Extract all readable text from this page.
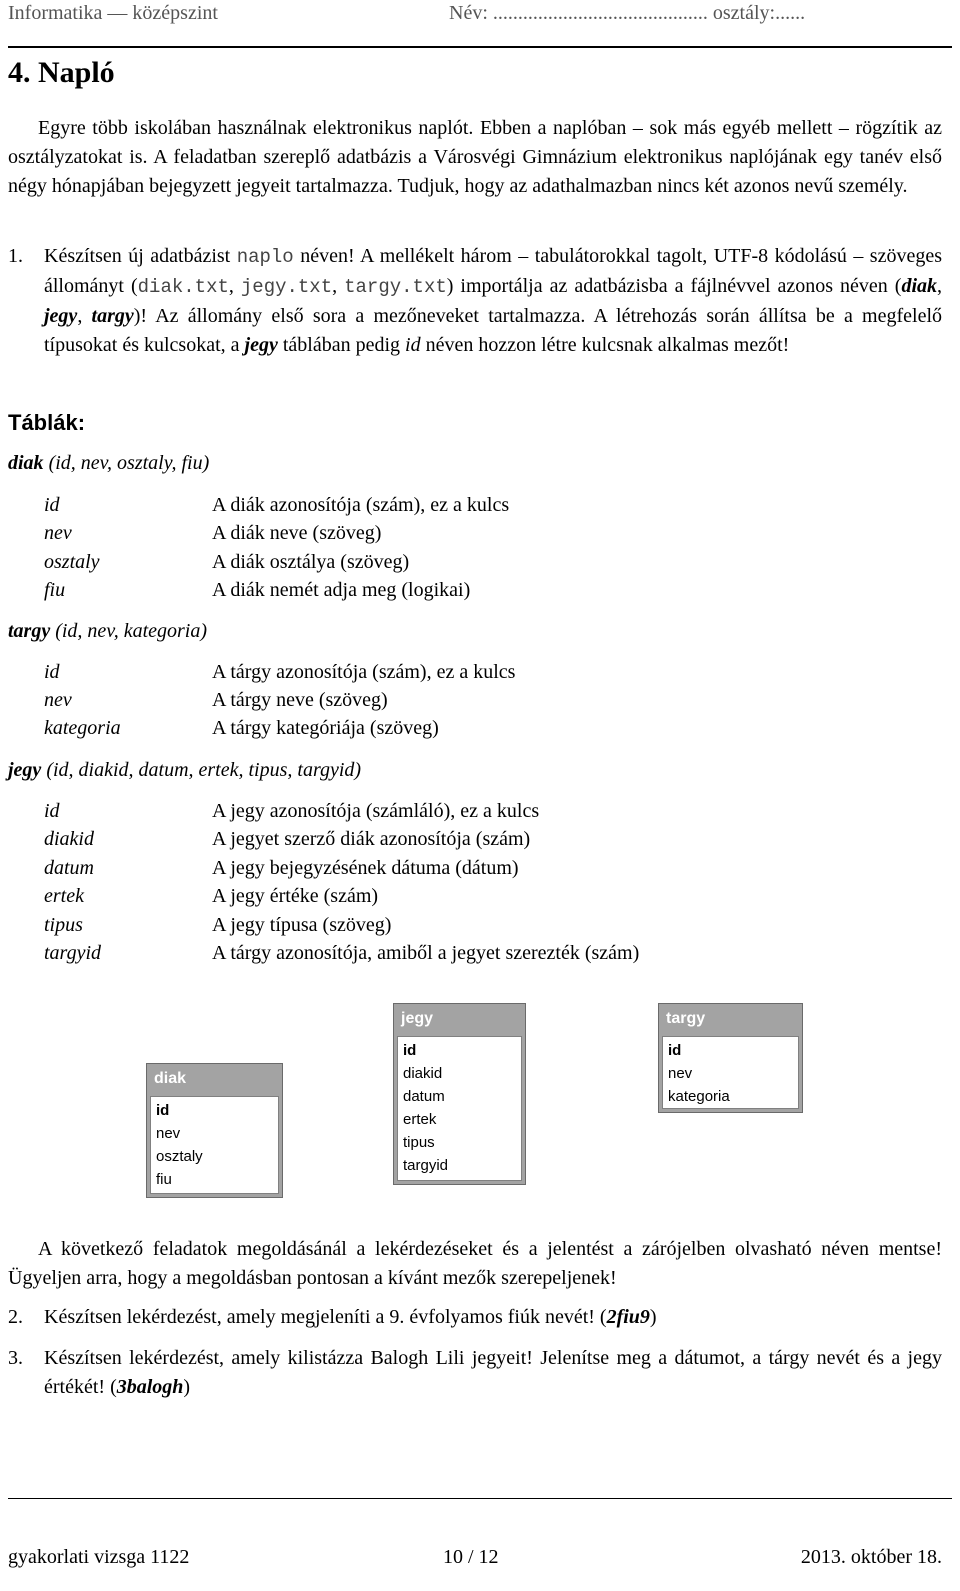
Informatika — középszint	Név: ........................................... osztály:......
4. Napló

Egyre több iskolában használnak elektronikus naplót. Ebben a naplóban – sok más egyéb mellett – rögzítik az osztályzatokat is. A feladatban szereplő adatbázis a Városvégi Gimnázium elektronikus naplójának egy tanév első négy hónapjában bejegyzett jegyeit tartalmazza. Tudjuk, hogy az adathalmazban nincs két azonos nevű személy.

1. Készítsen új adatbázist naplo néven! A mellékelt három – tabulátorokkal tagolt, UTF-8 kódolású – szöveges állományt (diak.txt, jegy.txt, targy.txt) importálja az adatbázisba a fájlnévvel azonos néven (diak, jegy, targy)! Az állomány első sora a mezőneveket tartalmazza. A létrehozás során állítsa be a megfelelő típusokat és kulcsokat, a jegy táblában pedig id néven hozzon létre kulcsnak alkalmas mezőt!

Táblák:
diak (id, nev, osztaly, fiu)
id	A diák azonosítója (szám), ez a kulcs
nev	A diák neve (szöveg)
osztaly	A diák osztálya (szöveg)
fiu	A diák nemét adja meg (logikai)
targy (id, nev, kategoria)
id	A tárgy azonosítója (szám), ez a kulcs
nev	A tárgy neve (szöveg)
kategoria	A tárgy kategóriája (szöveg)
jegy (id, diakid, datum, ertek, tipus, targyid)
id	A jegy azonosítója (számláló), ez a kulcs
diakid	A jegyet szerző diák azonosítója (szám)
datum	A jegy bejegyzésének dátuma (dátum)
ertek	A jegy értéke (szám)
tipus	A jegy típusa (szöveg)
targyid	A tárgy azonosítója, amiből a jegyet szerezték (szám)
diak
id
nev
osztaly
fiu
jegy
id
diakid
datum
ertek
tipus
targyid
targy
id
nev
kategoria

A következő feladatok megoldásánál a lekérdezéseket és a jelentést a zárójelben olvasható néven mentse! Ügyeljen arra, hogy a megoldásban pontosan a kívánt mezők szerepeljenek!

2. Készítsen lekérdezést, amely megjeleníti a 9. évfolyamos fiúk nevét! (2fiu9)

3. Készítsen lekérdezést, amely kilistázza Balogh Lili jegyeit! Jelenítse meg a dátumot, a tárgy nevét és a jegy értékét! (3balogh)

gyakorlati vizsga 1122	10 / 12	2013. október 18.
